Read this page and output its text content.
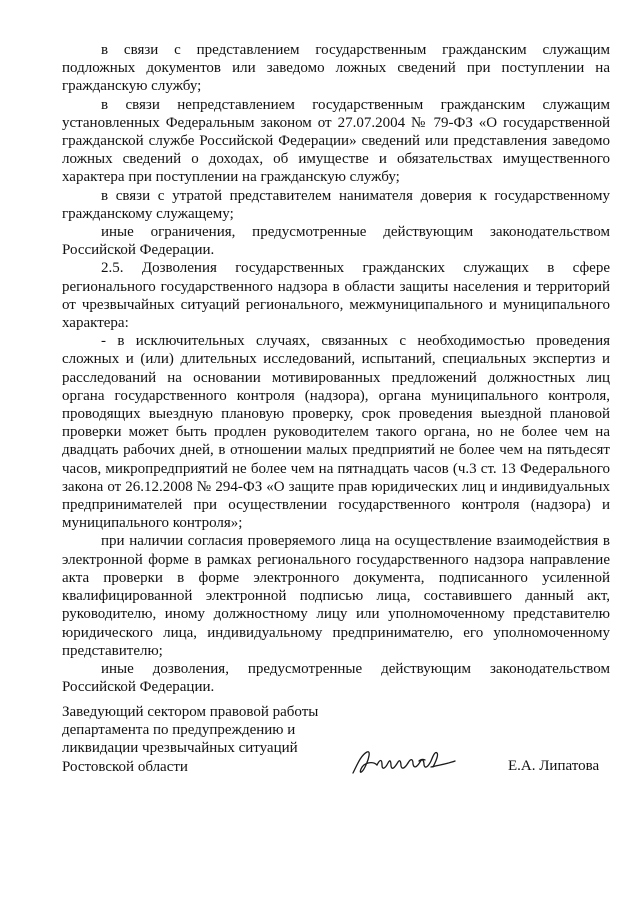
в связи с представлением государственным гражданским служащим подложных документов или заведомо ложных сведений при поступлении на гражданскую службу;

в связи непредставлением государственным гражданским служащим установленных Федеральным законом от 27.07.2004 № 79-ФЗ «О государственной гражданской службе Российской Федерации» сведений или представления заведомо ложных сведений о доходах, об имуществе и обязательствах имущественного характера при поступлении на гражданскую службу;

в связи с утратой представителем нанимателя доверия к государственному гражданскому служащему;

иные ограничения, предусмотренные действующим законодательством Российской Федерации.

2.5. Дозволения государственных гражданских служащих в сфере регионального государственного надзора в области защиты населения и территорий от чрезвычайных ситуаций регионального, межмуниципального и муниципального характера:

- в исключительных случаях, связанных с необходимостью проведения сложных и (или) длительных исследований, испытаний, специальных экспертиз и расследований на основании мотивированных предложений должностных лиц органа государственного контроля (надзора), органа муниципального контроля, проводящих выездную плановую проверку, срок проведения выездной плановой проверки может быть продлен руководителем такого органа, но не более чем на двадцать рабочих дней, в отношении малых предприятий не более чем на пятьдесят часов, микропредприятий не более чем на пятнадцать часов (ч.3 ст. 13 Федерального закона от 26.12.2008 № 294-ФЗ «О защите прав юридических лиц и индивидуальных предпринимателей при осуществлении государственного контроля (надзора) и муниципального контроля»;

при наличии согласия проверяемого лица на осуществление взаимодействия в электронной форме в рамках регионального государственного надзора направление акта проверки в форме электронного документа, подписанного усиленной квалифицированной электронной подписью лица, составившего данный акт, руководителю, иному должностному лицу или уполномоченному представителю юридического лица, индивидуальному предпринимателю, его уполномоченному представителю;

иные дозволения, предусмотренные действующим законодательством Российской Федерации.

Заведующий сектором правовой работы
департамента по предупреждению и
ликвидации чрезвычайных ситуаций
Ростовской области	Е.А. Липатова
